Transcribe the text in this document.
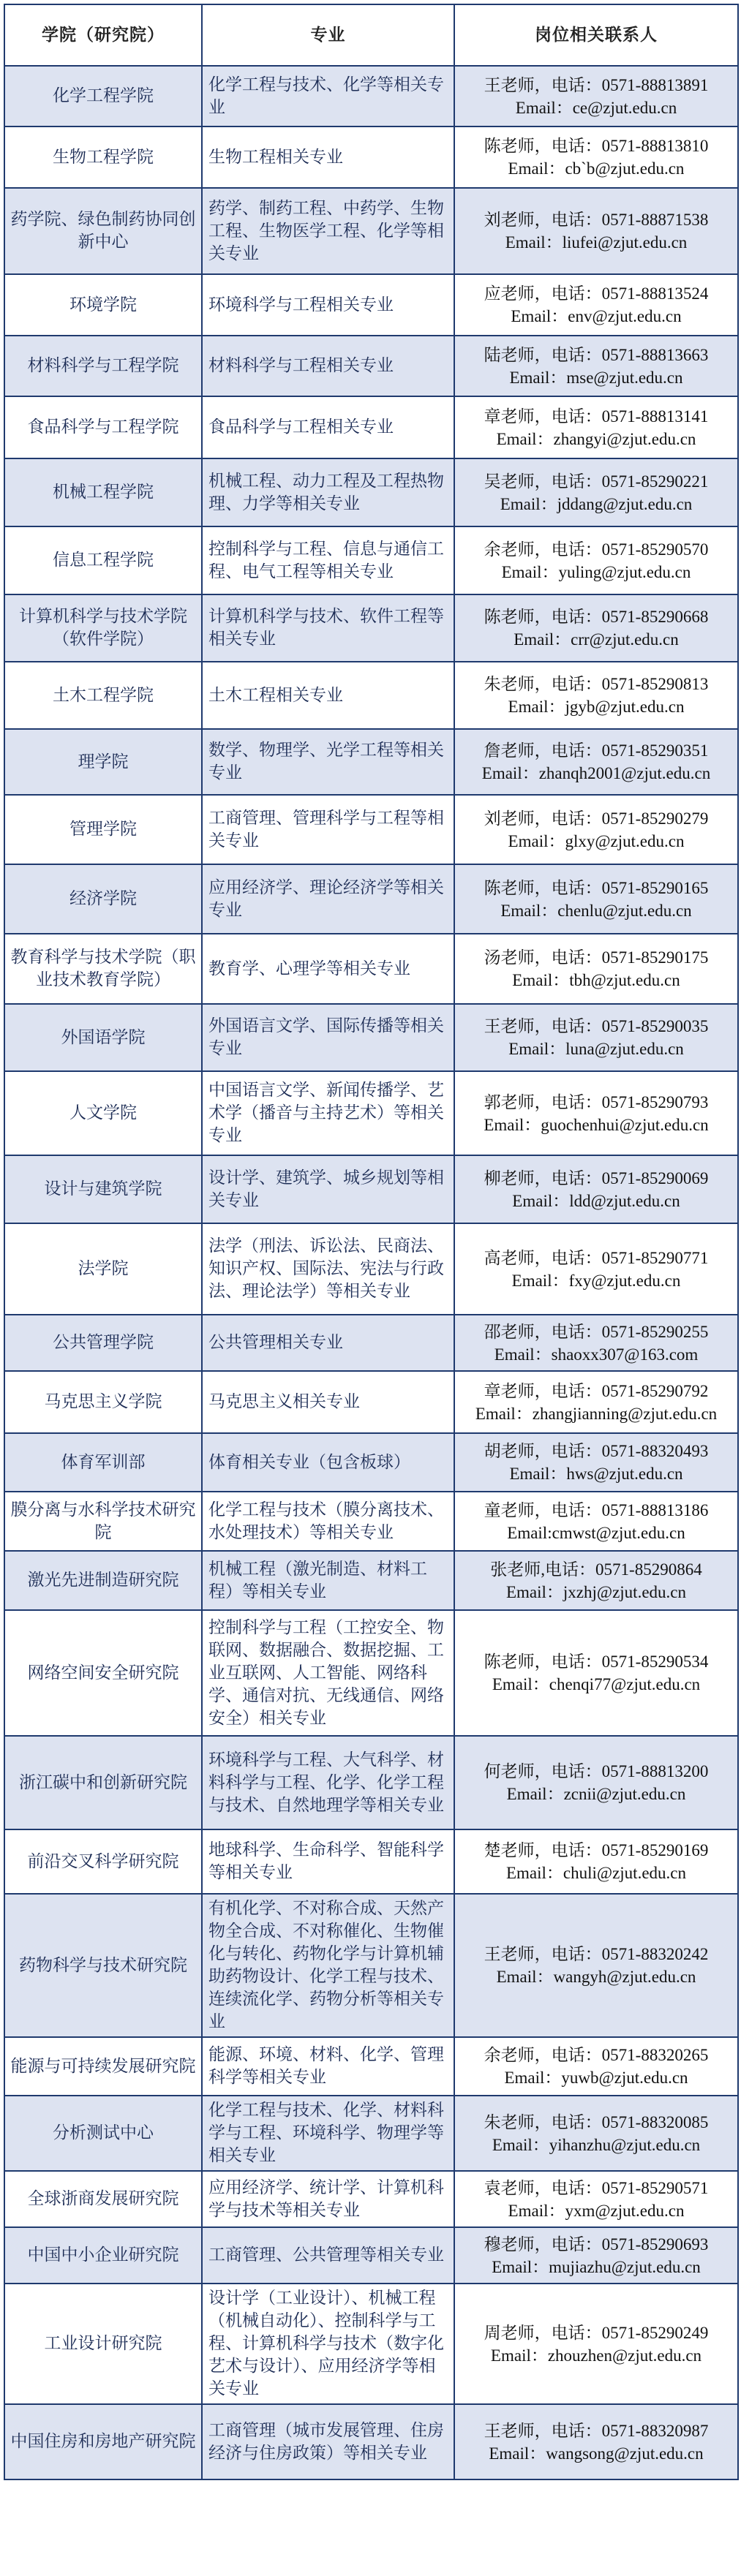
学院（研究院）	专业	岗位相关联系人
化学工程学院	化学工程与技术、化学等相关专业	王老师，电话：0571-88813891
Email：ce@zjut.edu.cn

生物工程学院	生物工程相关专业	陈老师，电话：0571-88813810
Email：cb`b@zjut.edu.cn

药学院、绿色制药协同创新中心	药学、制药工程、中药学、生物工程、生物医学工程、化学等相关专业	刘老师，电话：0571-88871538
Email：liufei@zjut.edu.cn

环境学院	环境科学与工程相关专业	应老师，电话：0571-88813524
Email：env@zjut.edu.cn

材料科学与工程学院	材料科学与工程相关专业	陆老师，电话：0571-88813663
Email：mse@zjut.edu.cn

食品科学与工程学院	食品科学与工程相关专业	章老师，电话：0571-88813141
Email：zhangyi@zjut.edu.cn

机械工程学院	机械工程、动力工程及工程热物理、力学等相关专业	吴老师，电话：0571-85290221
Email：jddang@zjut.edu.cn

信息工程学院	控制科学与工程、信息与通信工程、电气工程等相关专业	余老师，电话：0571-85290570
Email：yuling@zjut.edu.cn

计算机科学与技术学院（软件学院）	计算机科学与技术、软件工程等相关专业	陈老师，电话：0571-85290668
Email：crr@zjut.edu.cn

土木工程学院	土木工程相关专业	朱老师，电话：0571-85290813
Email：jgyb@zjut.edu.cn

理学院	数学、物理学、光学工程等相关专业	詹老师，电话：0571-85290351
Email：zhanqh2001@zjut.edu.cn

管理学院	工商管理、管理科学与工程等相关专业	刘老师，电话：0571-85290279
Email：glxy@zjut.edu.cn

经济学院	应用经济学、理论经济学等相关专业	陈老师，电话：0571-85290165
Email：chenlu@zjut.edu.cn

教育科学与技术学院（职业技术教育学院）	教育学、心理学等相关专业	汤老师，电话：0571-85290175
Email：tbh@zjut.edu.cn

外国语学院	外国语言文学、国际传播等相关专业	王老师，电话：0571-85290035
Email：luna@zjut.edu.cn

人文学院	中国语言文学、新闻传播学、艺术学（播音与主持艺术）等相关专业	郭老师，电话：0571-85290793
Email：guochenhui@zjut.edu.cn

设计与建筑学院	设计学、建筑学、城乡规划等相关专业	柳老师，电话：0571-85290069
Email：ldd@zjut.edu.cn

法学院	法学（刑法、诉讼法、民商法、知识产权、国际法、宪法与行政法、理论法学）等相关专业	高老师，电话：0571-85290771
Email：fxy@zjut.edu.cn

公共管理学院	公共管理相关专业	邵老师，电话：0571-85290255
Email：shaoxx307@163.com

马克思主义学院	马克思主义相关专业	章老师，电话：0571-85290792
Email：zhangjianning@zjut.edu.cn

体育军训部	体育相关专业（包含板球）	胡老师，电话：0571-88320493
Email：hws@zjut.edu.cn

膜分离与水科学技术研究院	化学工程与技术（膜分离技术、水处理技术）等相关专业	童老师，电话：0571-88813186
Email:cmwst@zjut.edu.cn

激光先进制造研究院	机械工程（激光制造、材料工程）等相关专业	张老师,电话：0571-85290864
Email：jxzhj@zjut.edu.cn

网络空间安全研究院	控制科学与工程（工控安全、物联网、数据融合、数据挖掘、工业互联网、人工智能、网络科学、通信对抗、无线通信、网络安全）相关专业	陈老师，电话：0571-85290534
Email：chenqi77@zjut.edu.cn

浙江碳中和创新研究院	环境科学与工程、大气科学、材料科学与工程、化学、化学工程与技术、自然地理学等相关专业	何老师，电话：0571-88813200
Email：zcnii@zjut.edu.cn

前沿交叉科学研究院	地球科学、生命科学、智能科学等相关专业	楚老师，电话：0571-85290169
Email：chuli@zjut.edu.cn

药物科学与技术研究院	有机化学、不对称合成、天然产物全合成、不对称催化、生物催化与转化、药物化学与计算机辅助药物设计、化学工程与技术、连续流化学、药物分析等相关专业	王老师，电话：0571-88320242
Email：wangyh@zjut.edu.cn

能源与可持续发展研究院	能源、环境、材料、化学、管理科学等相关专业	余老师，电话：0571-88320265
Email：yuwb@zjut.edu.cn

分析测试中心	化学工程与技术、化学、材料科学与工程、环境科学、物理学等相关专业	朱老师，电话：0571-88320085
Email：yihanzhu@zjut.edu.cn

全球浙商发展研究院	应用经济学、统计学、计算机科学与技术等相关专业	袁老师，电话：0571-85290571
Email：yxm@zjut.edu.cn

中国中小企业研究院	工商管理、公共管理等相关专业	穆老师，电话：0571-85290693
Email：mujiazhu@zjut.edu.cn

工业设计研究院	设计学（工业设计）、机械工程（机械自动化）、控制科学与工程、计算机科学与技术（数字化艺术与设计）、应用经济学等相关专业	周老师，电话：0571-85290249
Email：zhouzhen@zjut.edu.cn

中国住房和房地产研究院	工商管理（城市发展管理、住房经济与住房政策）等相关专业	王老师，电话：0571-88320987
Email：wangsong@zjut.edu.cn
